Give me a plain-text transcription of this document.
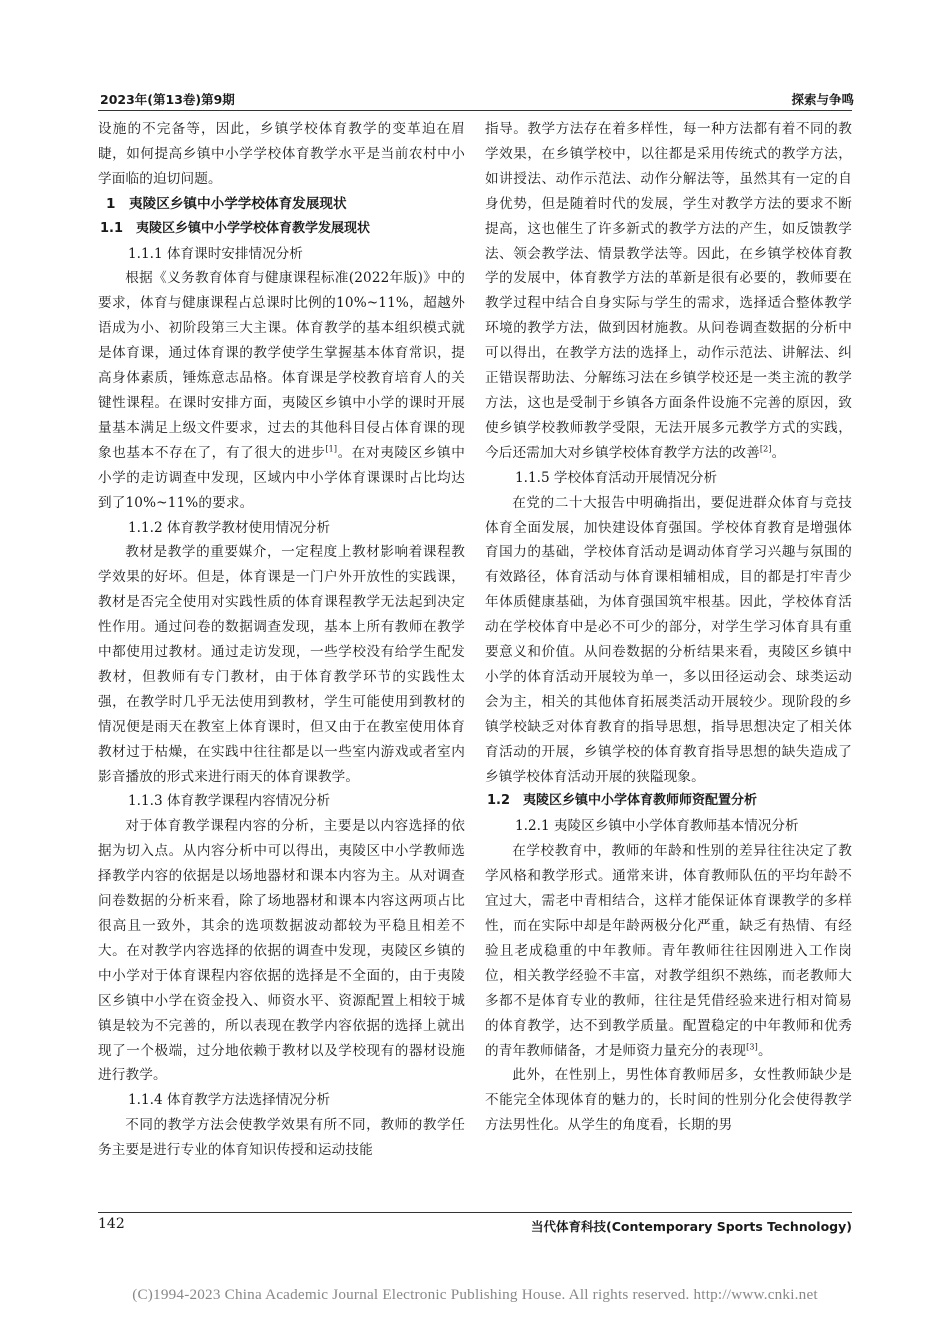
2023年(第13卷)第9期	探索与争鸣

设施的不完备等，因此，乡镇学校体育教学的变革迫在眉睫，如何提高乡镇中小学学校体育教学水平是当前农村中小学面临的迫切问题。

1　夷陵区乡镇中小学学校体育发展现状

1.1　夷陵区乡镇中小学学校体育教学发展现状

1.1.1 体育课时安排情况分析

根据《义务教育体育与健康课程标准(2022年版)》中的要求，体育与健康课程占总课时比例的10%~11%，超越外语成为小、初阶段第三大主课。体育教学的基本组织模式就是体育课，通过体育课的教学使学生掌握基本体育常识，提高身体素质，锤炼意志品格。体育课是学校教育培育人的关键性课程。在课时安排方面，夷陵区乡镇中小学的课时开展量基本满足上级文件要求，过去的其他科目侵占体育课的现象也基本不存在了，有了很大的进步[1]。在对夷陵区乡镇中小学的走访调查中发现，区域内中小学体育课课时占比均达到了10%~11%的要求。

1.1.2 体育教学教材使用情况分析

教材是教学的重要媒介，一定程度上教材影响着课程教学效果的好坏。但是，体育课是一门户外开放性的实践课，教材是否完全使用对实践性质的体育课程教学无法起到决定性作用。通过问卷的数据调查发现，基本上所有教师在教学中都使用过教材。通过走访发现，一些学校没有给学生配发教材，但教师有专门教材，由于体育教学环节的实践性太强，在教学时几乎无法使用到教材，学生可能使用到教材的情况便是雨天在教室上体育课时，但又由于在教室使用体育教材过于枯燥，在实践中往往都是以一些室内游戏或者室内影音播放的形式来进行雨天的体育课教学。

1.1.3 体育教学课程内容情况分析

对于体育教学课程内容的分析，主要是以内容选择的依据为切入点。从内容分析中可以得出，夷陵区中小学教师选择教学内容的依据是以场地器材和课本内容为主。从对调查问卷数据的分析来看，除了场地器材和课本内容这两项占比很高且一致外，其余的选项数据波动都较为平稳且相差不大。在对教学内容选择的依据的调查中发现，夷陵区乡镇的中小学对于体育课程内容依据的选择是不全面的，由于夷陵区乡镇中小学在资金投入、师资水平、资源配置上相较于城镇是较为不完善的，所以表现在教学内容依据的选择上就出现了一个极端，过分地依赖于教材以及学校现有的器材设施进行教学。

1.1.4 体育教学方法选择情况分析

不同的教学方法会使教学效果有所不同，教师的教学任务主要是进行专业的体育知识传授和运动技能

指导。教学方法存在着多样性，每一种方法都有着不同的教学效果，在乡镇学校中，以往都是采用传统式的教学方法，如讲授法、动作示范法、动作分解法等，虽然其有一定的自身优势，但是随着时代的发展，学生对教学方法的要求不断提高，这也催生了许多新式的教学方法的产生，如反馈教学法、领会教学法、情景教学法等。因此，在乡镇学校体育教学的发展中，体育教学方法的革新是很有必要的，教师要在教学过程中结合自身实际与学生的需求，选择适合整体教学环境的教学方法，做到因材施教。从问卷调查数据的分析中可以得出，在教学方法的选择上，动作示范法、讲解法、纠正错误帮助法、分解练习法在乡镇学校还是一类主流的教学方法，这也是受制于乡镇各方面条件设施不完善的原因，致使乡镇学校教师教学受限，无法开展多元教学方式的实践，今后还需加大对乡镇学校体育教学方法的改善[2]。

1.1.5 学校体育活动开展情况分析

在党的二十大报告中明确指出，要促进群众体育与竞技体育全面发展，加快建设体育强国。学校体育教育是增强体育国力的基础，学校体育活动是调动体育学习兴趣与氛围的有效路径，体育活动与体育课相辅相成，目的都是打牢青少年体质健康基础，为体育强国筑牢根基。因此，学校体育活动在学校体育中是必不可少的部分，对学生学习体育具有重要意义和价值。从问卷数据的分析结果来看，夷陵区乡镇中小学的体育活动开展较为单一，多以田径运动会、球类运动会为主，相关的其他体育拓展类活动开展较少。现阶段的乡镇学校缺乏对体育教育的指导思想，指导思想决定了相关体育活动的开展，乡镇学校的体育教育指导思想的缺失造成了乡镇学校体育活动开展的狭隘现象。

1.2　夷陵区乡镇中小学体育教师师资配置分析

1.2.1 夷陵区乡镇中小学体育教师基本情况分析

在学校教育中，教师的年龄和性别的差异往往决定了教学风格和教学形式。通常来讲，体育教师队伍的平均年龄不宜过大，需老中青相结合，这样才能保证体育课教学的多样性，而在实际中却是年龄两极分化严重，缺乏有热情、有经验且老成稳重的中年教师。青年教师往往因刚进入工作岗位，相关教学经验不丰富，对教学组织不熟练，而老教师大多都不是体育专业的教师，往往是凭借经验来进行相对简易的体育教学，达不到教学质量。配置稳定的中年教师和优秀的青年教师储备，才是师资力量充分的表现[3]。

此外，在性别上，男性体育教师居多，女性教师缺少是不能完全体现体育的魅力的，长时间的性别分化会使得教学方法男性化。从学生的角度看，长期的男

142	当代体育科技(Contemporary Sports Technology)
(C)1994-2023 China Academic Journal Electronic Publishing House. All rights reserved. http://www.cnki.net
